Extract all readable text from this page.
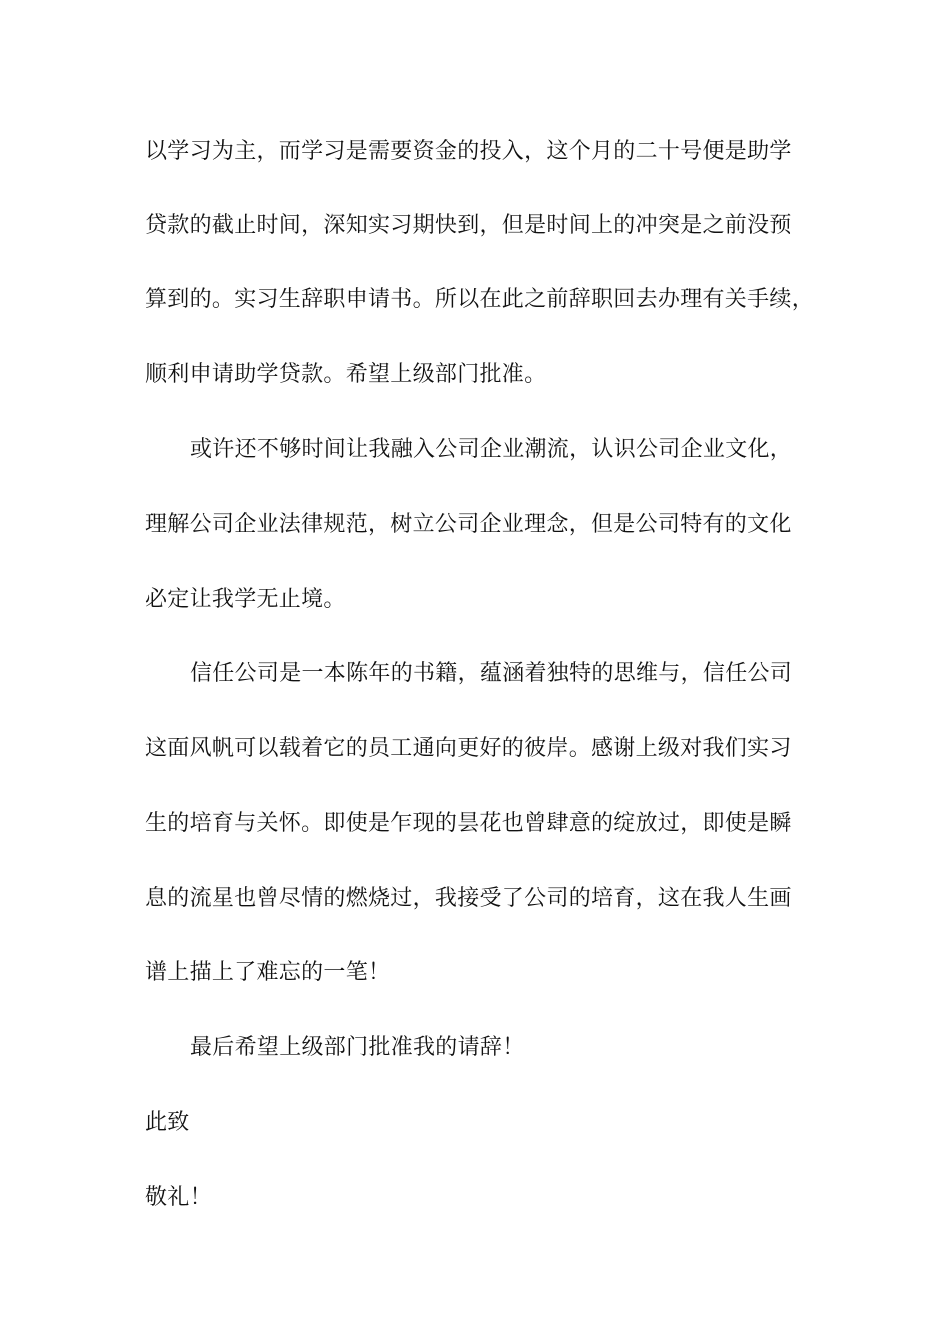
以学习为主，而学习是需要资金的投入，这个月的二十号便是助学
贷款的截止时间，深知实习期快到，但是时间上的冲突是之前没预
算到的。实习生辞职申请书。所以在此之前辞职回去办理有关手续，
顺利申请助学贷款。希望上级部门批准。
或许还不够时间让我融入公司企业潮流，认识公司企业文化，
理解公司企业法律规范，树立公司企业理念，但是公司特有的文化
必定让我学无止境。
信任公司是一本陈年的书籍，蕴涵着独特的思维与，信任公司
这面风帆可以载着它的员工通向更好的彼岸。感谢上级对我们实习
生的培育与关怀。即使是乍现的昙花也曾肆意的绽放过，即使是瞬
息的流星也曾尽情的燃烧过，我接受了公司的培育，这在我人生画
谱上描上了难忘的一笔！
最后希望上级部门批准我的请辞！
此致
敬礼！
